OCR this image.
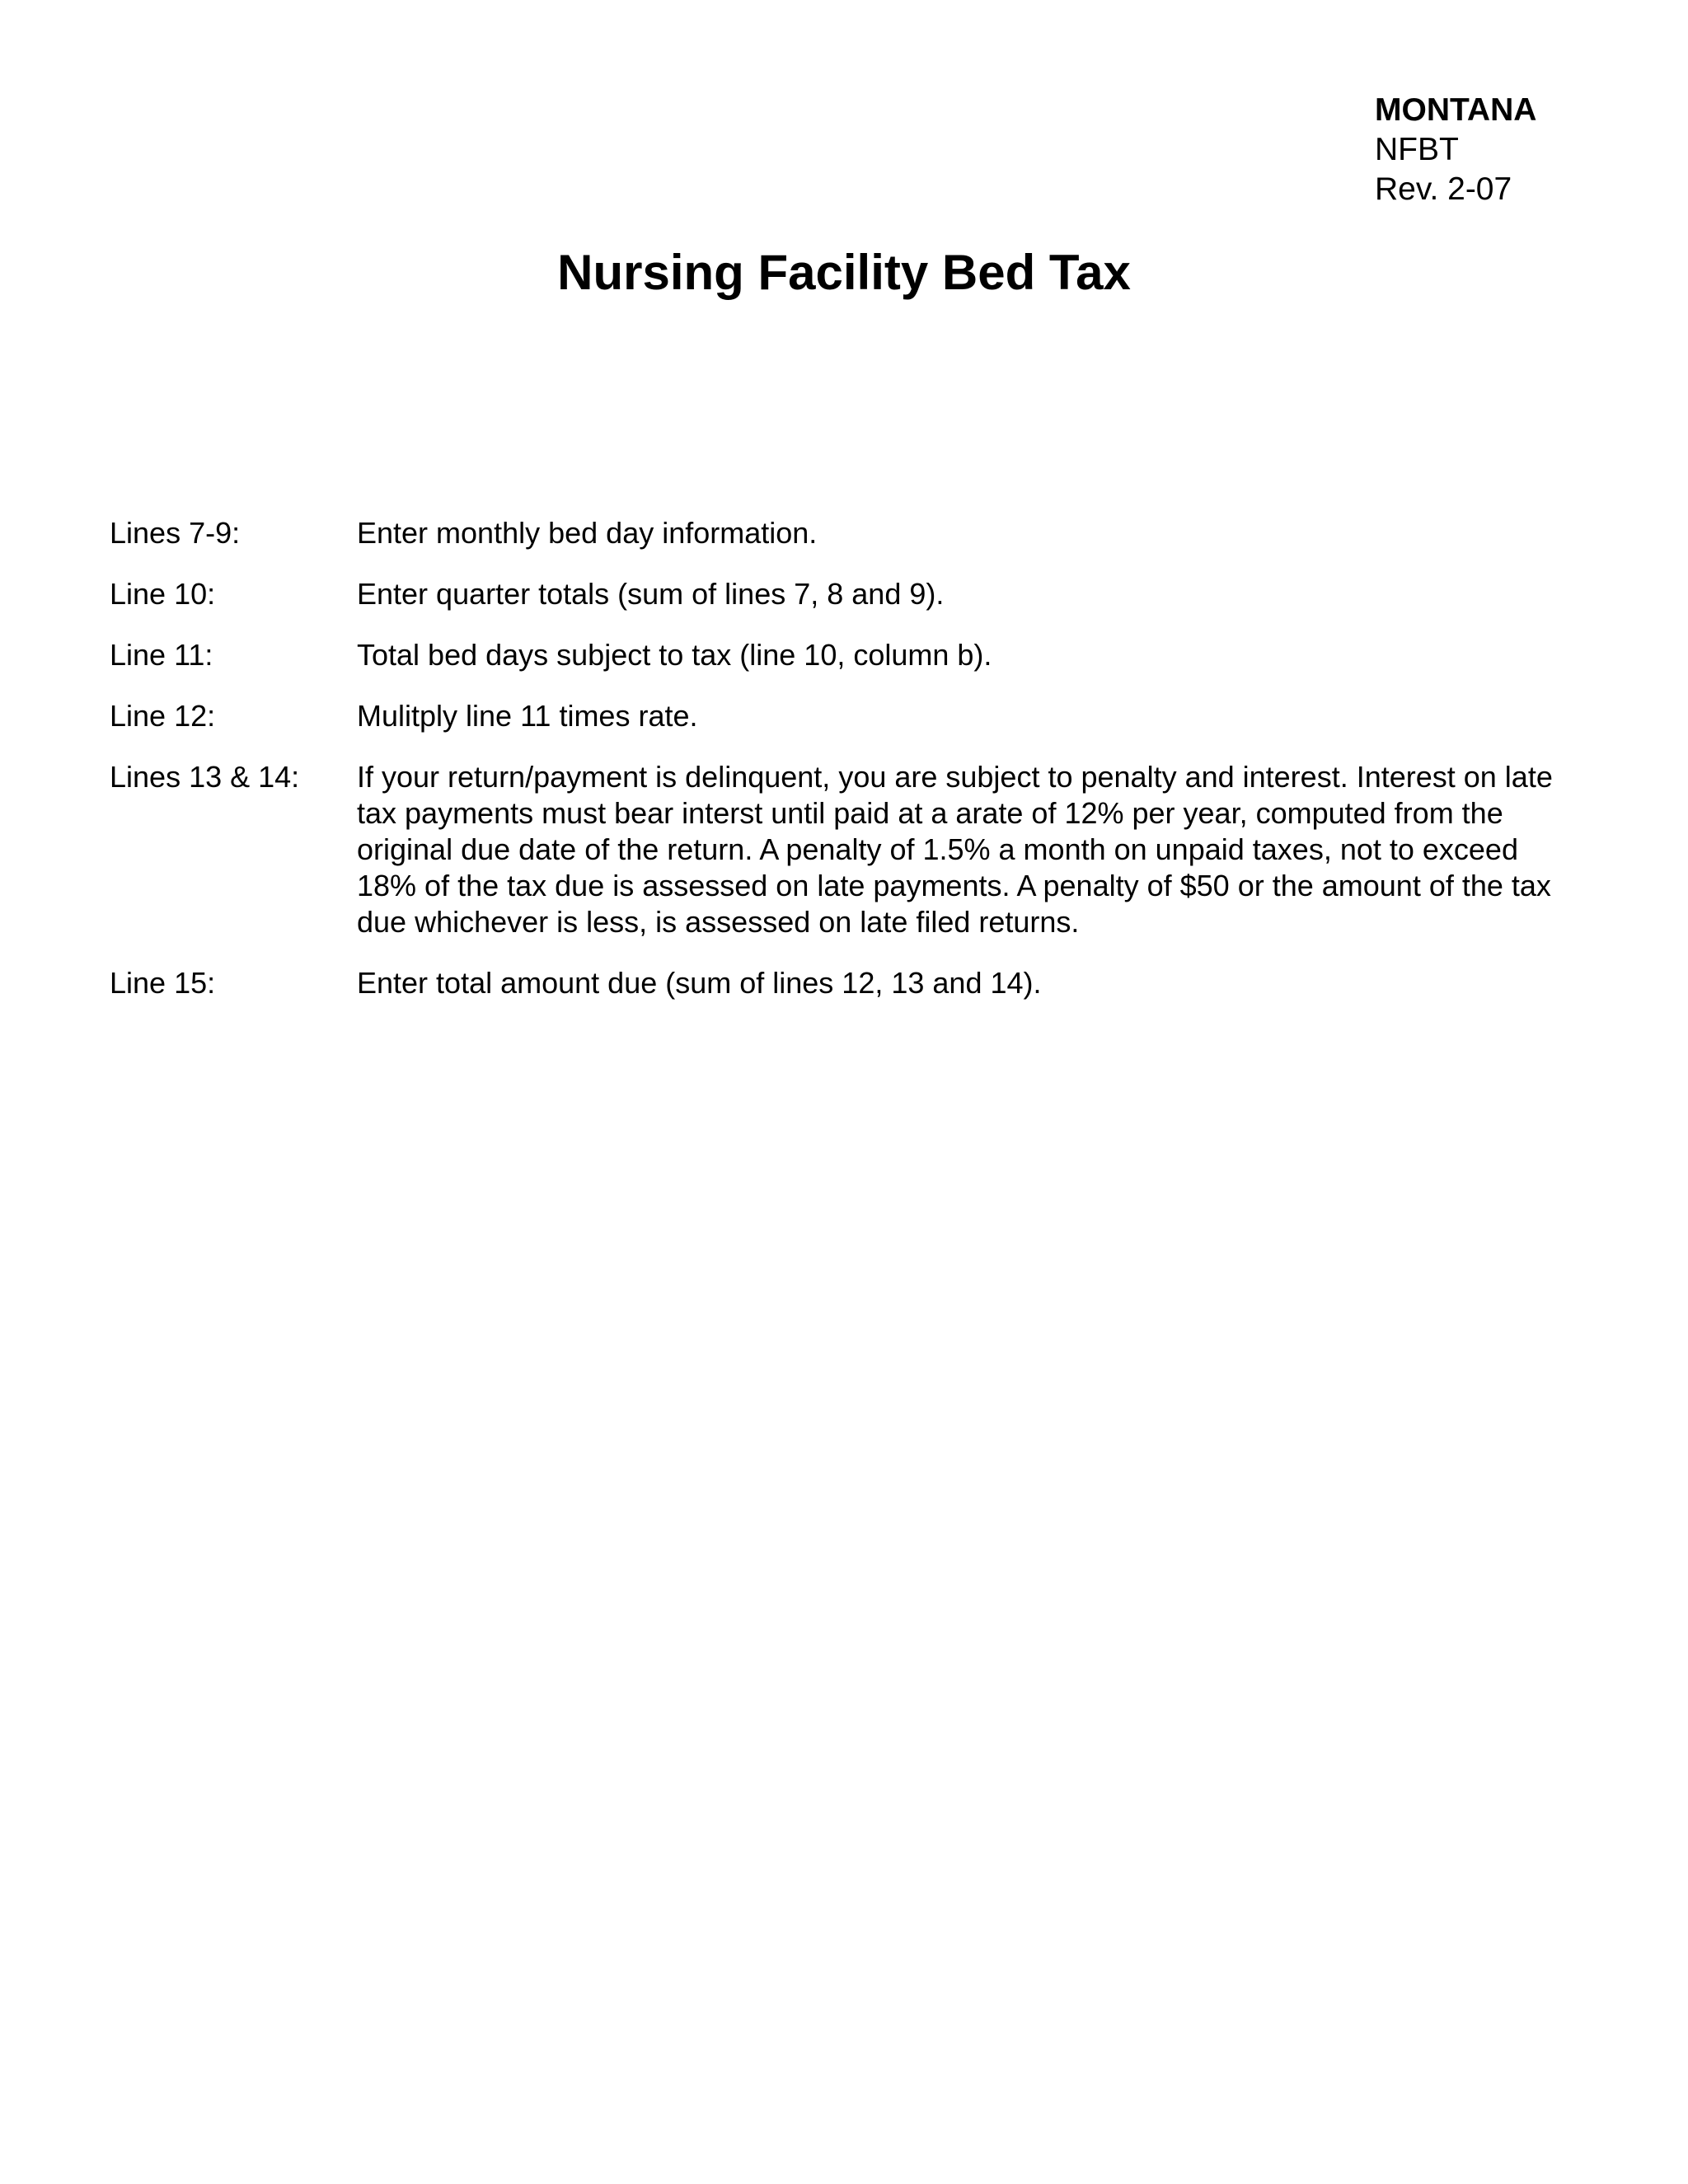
MONTANA
NFBT
Rev. 2-07
Nursing Facility Bed Tax
Lines 7-9:	Enter monthly bed day information.
Line 10:	Enter quarter totals (sum of lines 7, 8 and 9).
Line 11:	Total bed days subject to tax (line 10, column b).
Line 12:	Mulitply line 11 times rate.
Lines 13 & 14:	If your return/payment is delinquent, you are subject to penalty and interest. Interest on late tax payments must bear interst until paid at a arate of 12% per year, computed from the original due date of the return. A penalty of 1.5% a month on unpaid taxes, not to exceed 18% of the tax due is assessed on late payments. A penalty of $50 or the amount of the tax due whichever is less, is assessed on late filed returns.
Line 15:	Enter total amount due (sum of lines 12, 13 and 14).
